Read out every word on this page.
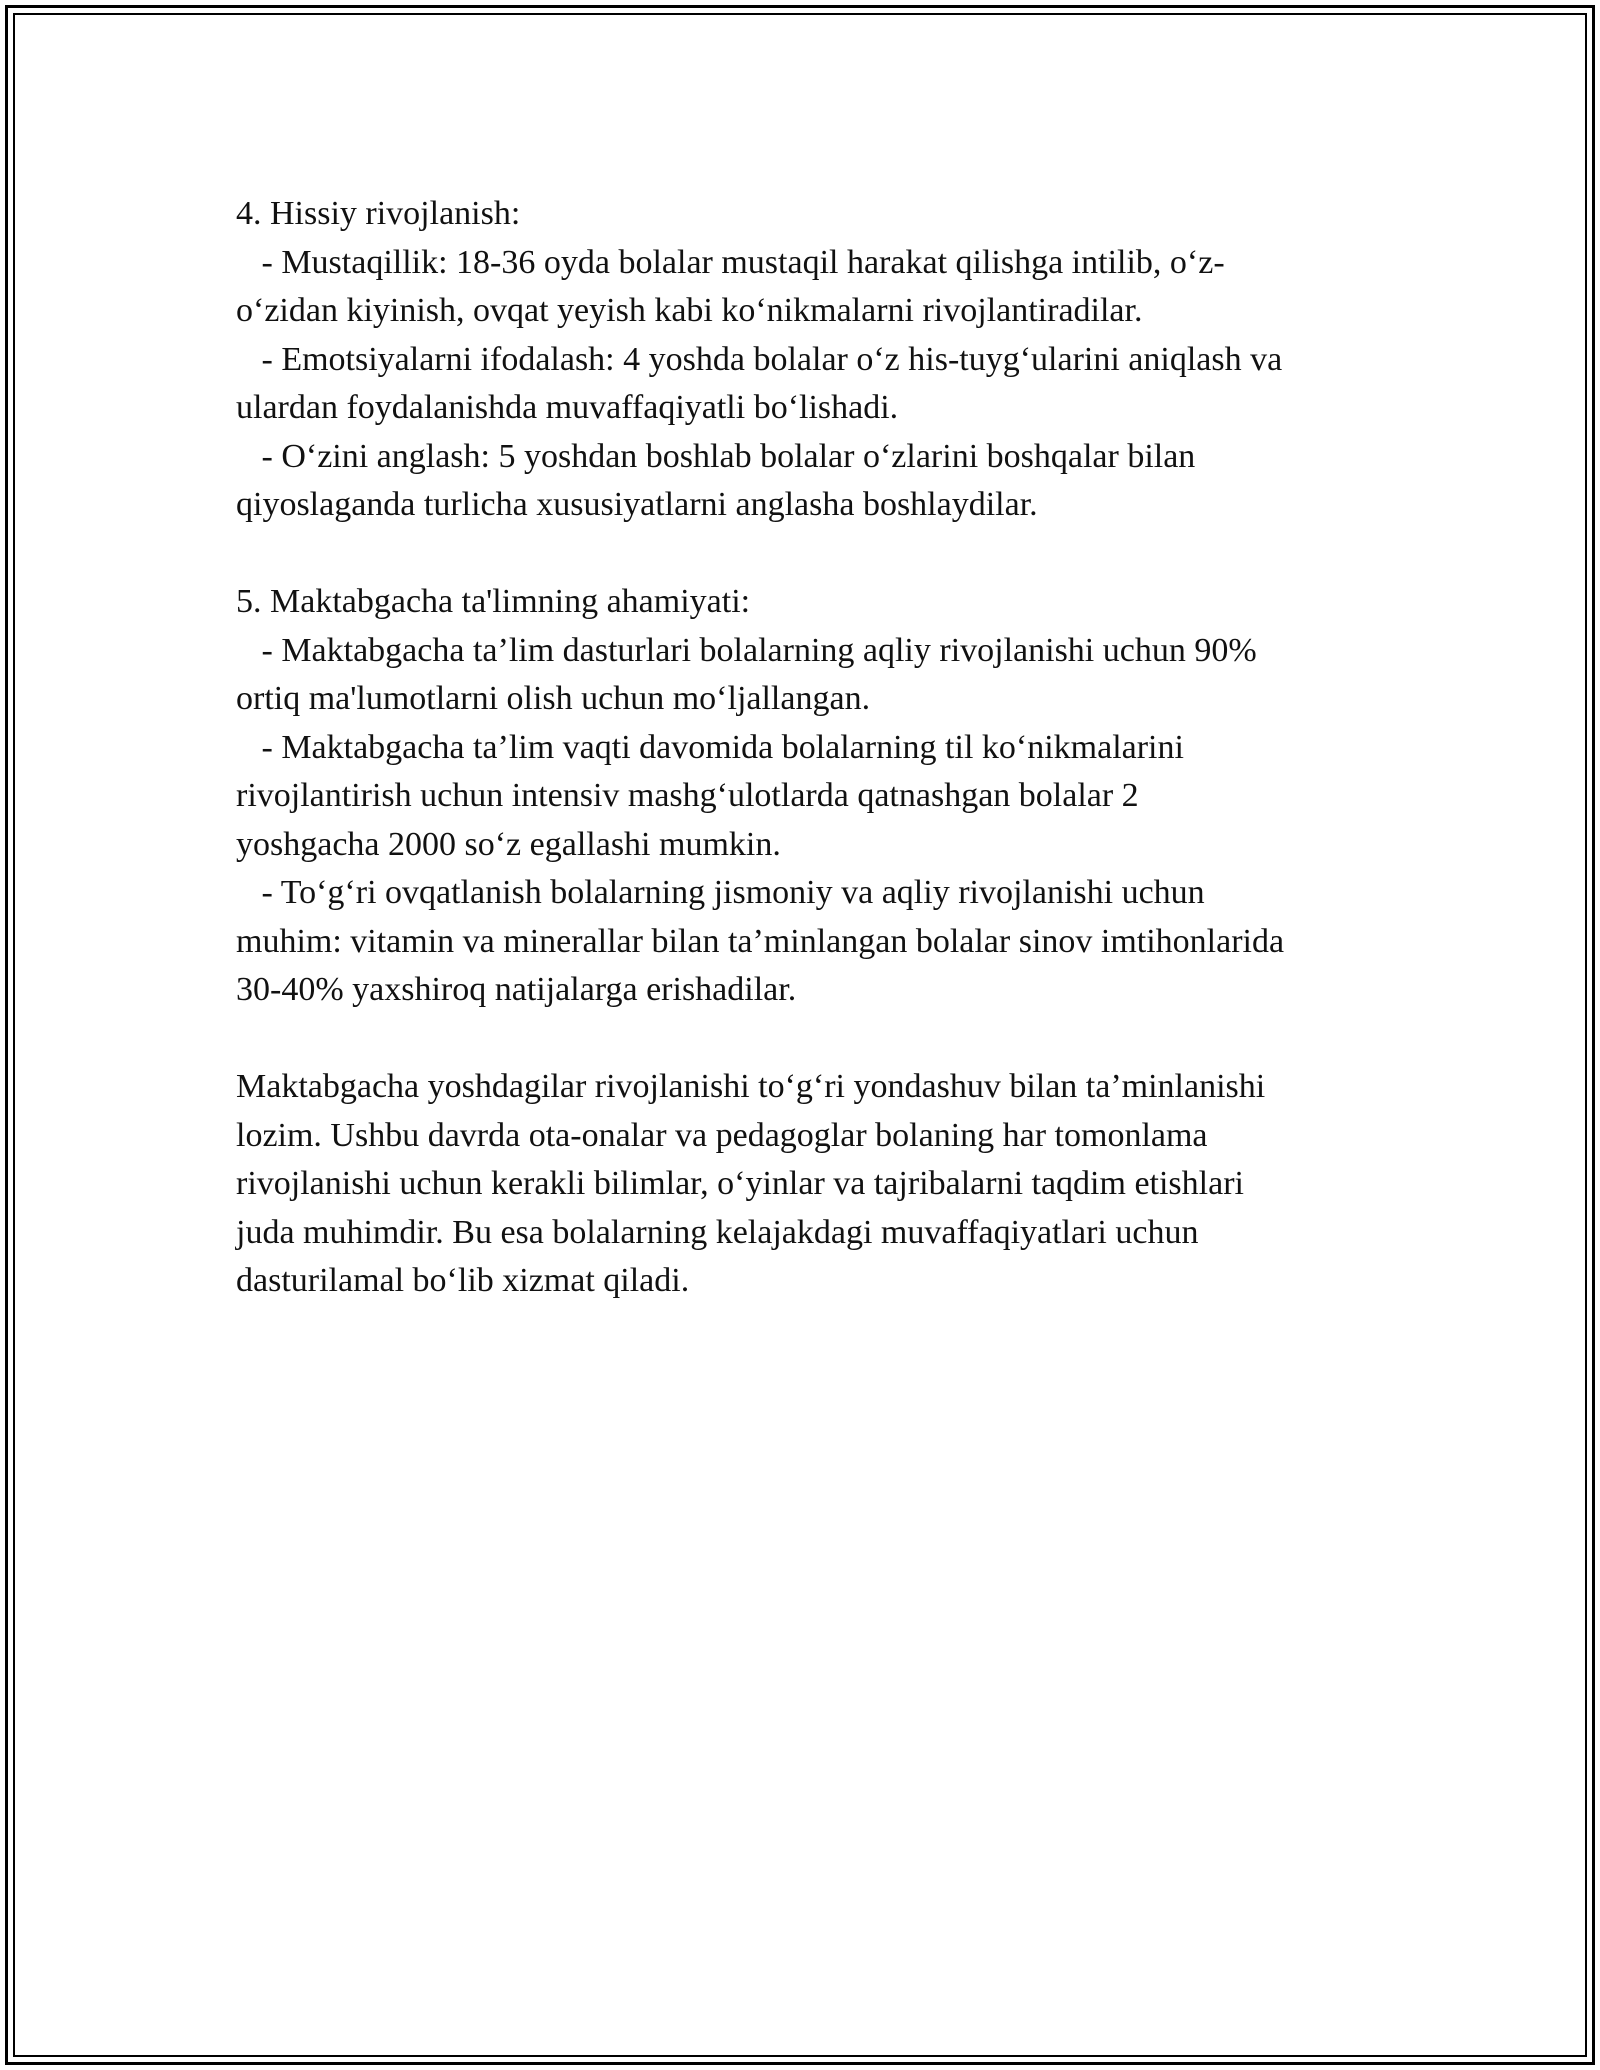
4. Hissiy rivojlanish:
- Mustaqillik: 18-36 oyda bolalar mustaqil harakat qilishga intilib, o‘z-
o‘zidan kiyinish, ovqat yeyish kabi ko‘nikmalarni rivojlantiradilar.
- Emotsiyalarni ifodalash: 4 yoshda bolalar o‘z his-tuyg‘ularini aniqlash va
ulardan foydalanishda muvaffaqiyatli bo‘lishadi.
- O‘zini anglash: 5 yoshdan boshlab bolalar o‘zlarini boshqalar bilan
qiyoslaganda turlicha xususiyatlarni anglasha boshlaydilar.
5. Maktabgacha ta'limning ahamiyati:
- Maktabgacha ta’lim dasturlari bolalarning aqliy rivojlanishi uchun 90%
ortiq ma'lumotlarni olish uchun mo‘ljallangan.
- Maktabgacha ta’lim vaqti davomida bolalarning til ko‘nikmalarini
rivojlantirish uchun intensiv mashg‘ulotlarda qatnashgan bolalar 2
yoshgacha 2000 so‘z egallashi mumkin.
- To‘g‘ri ovqatlanish bolalarning jismoniy va aqliy rivojlanishi uchun
muhim: vitamin va minerallar bilan ta’minlangan bolalar sinov imtihonlarida
30-40% yaxshiroq natijalarga erishadilar.
Maktabgacha yoshdagilar rivojlanishi to‘g‘ri yondashuv bilan ta’minlanishi
lozim. Ushbu davrda ota-onalar va pedagoglar bolaning har tomonlama
rivojlanishi uchun kerakli bilimlar, o‘yinlar va tajribalarni taqdim etishlari
juda muhimdir. Bu esa bolalarning kelajakdagi muvaffaqiyatlari uchun
dasturilamal bo‘lib xizmat qiladi.
